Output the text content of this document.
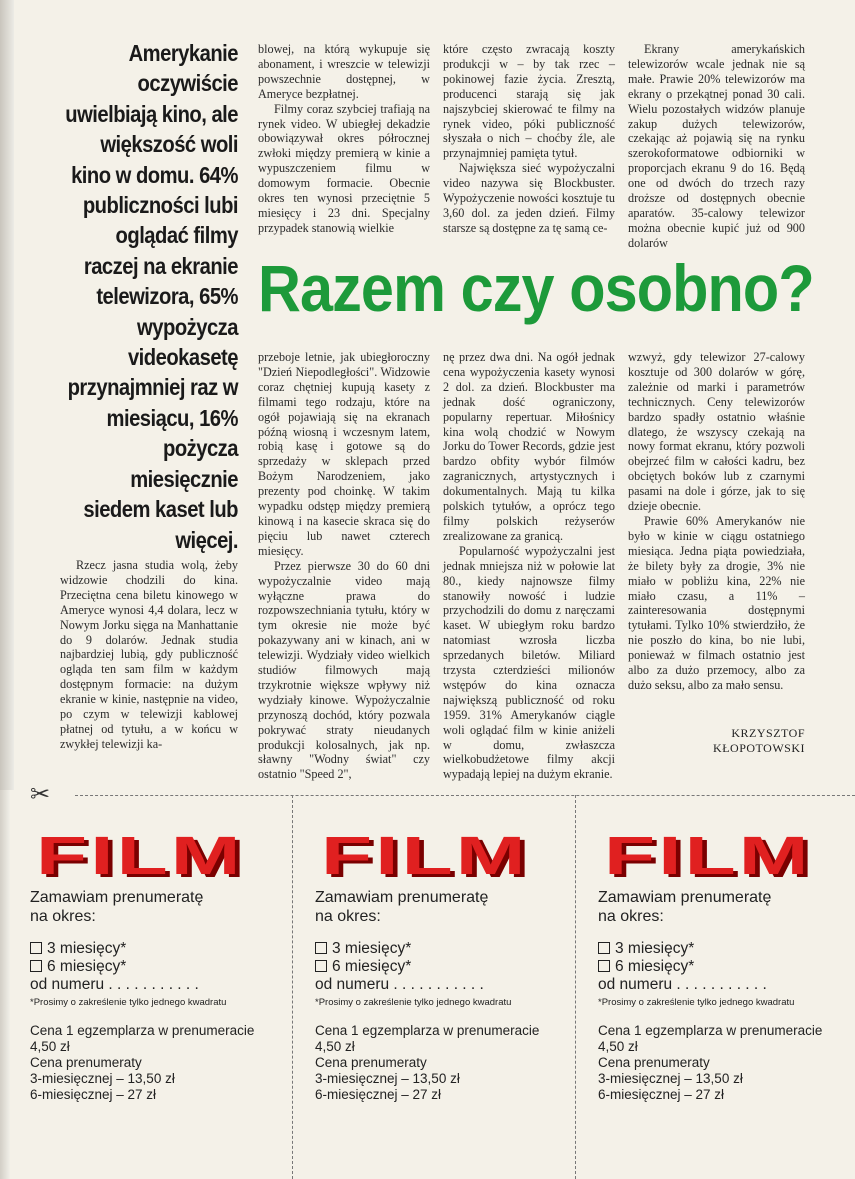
Amerykanie oczywiście uwielbiają kino, ale większość woli kino w domu. 64% publiczności lubi oglądać filmy raczej na ekranie telewizora, 65% wypożycza videokasetę przynajmniej raz w miesiącu, 16% pożycza miesięcznie siedem kaset lub więcej.

blowej, na którą wykupuje się abonament, i wreszcie w telewizji powszechnie dostępnej, w Ameryce bezpłatnej.

Filmy coraz szybciej trafiają na rynek video. W ubiegłej dekadzie obowiązywał okres półrocznej zwłoki między premierą w kinie a wypuszczeniem filmu w domowym formacie. Obecnie okres ten wynosi przeciętnie 5 miesięcy i 23 dni. Specjalny przypadek stanowią wielkie

które często zwracają koszty produkcji w – by tak rzec – pokinowej fazie życia. Zresztą, producenci starają się jak najszybciej skierować te filmy na rynek video, póki publiczność słyszała o nich – choćby źle, ale przynajmniej pamięta tytuł.

Największa sieć wypożyczalni video nazywa się Blockbuster. Wypożyczenie nowości kosztuje tu 3,60 dol. za jeden dzień. Filmy starsze są dostępne za tę samą ce-

Ekrany amerykańskich telewizorów wcale jednak nie są małe. Prawie 20% telewizorów ma ekrany o przekątnej ponad 30 cali. Wielu pozostałych widzów planuje zakup dużych telewizorów, czekając aż pojawią się na rynku szerokoformatowe odbiorniki w proporcjach ekranu 9 do 16. Będą one od dwóch do trzech razy droższe od dostępnych obecnie aparatów. 35-calowy telewizor można obecnie kupić już od 900 dolarów

Razem czy osobno?

Rzecz jasna studia wolą, żeby widzowie chodzili do kina. Przeciętna cena biletu kinowego w Ameryce wynosi 4,4 dolara, lecz w Nowym Jorku sięga na Manhattanie do 9 dolarów. Jednak studia najbardziej lubią, gdy publiczność ogląda ten sam film w każdym dostępnym formacie: na dużym ekranie w kinie, następnie na video, po czym w telewizji kablowej płatnej od tytułu, a w końcu w zwykłej telewizji ka-

przeboje letnie, jak ubiegłoroczny "Dzień Niepodległości". Widzowie coraz chętniej kupują kasety z filmami tego rodzaju, które na ogół pojawiają się na ekranach późną wiosną i wczesnym latem, robią kasę i gotowe są do sprzedaży w sklepach przed Bożym Narodzeniem, jako prezenty pod choinkę. W takim wypadku odstęp między premierą kinową i na kasecie skraca się do pięciu lub nawet czterech miesięcy.

Przez pierwsze 30 do 60 dni wypożyczalnie video mają wyłączne prawa do rozpowszechniania tytułu, który w tym okresie nie może być pokazywany ani w kinach, ani w telewizji. Wydziały video wielkich studiów filmowych mają trzykrotnie większe wpływy niż wydziały kinowe. Wypożyczalnie przynoszą dochód, który pozwala pokrywać straty nieudanych produkcji kolosalnych, jak np. sławny "Wodny świat" czy ostatnio "Speed 2",

nę przez dwa dni. Na ogół jednak cena wypożyczenia kasety wynosi 2 dol. za dzień. Blockbuster ma jednak dość ograniczony, popularny repertuar. Miłośnicy kina wolą chodzić w Nowym Jorku do Tower Records, gdzie jest bardzo obfity wybór filmów zagranicznych, artystycznych i dokumentalnych. Mają tu kilka polskich tytułów, a oprócz tego filmy polskich reżyserów zrealizowane za granicą.

Popularność wypożyczalni jest jednak mniejsza niż w połowie lat 80., kiedy najnowsze filmy stanowiły nowość i ludzie przychodzili do domu z naręczami kaset. W ubiegłym roku bardzo natomiast wzrosła liczba sprzedanych biletów. Miliard trzysta czterdzieści milionów wstępów do kina oznacza największą publiczność od roku 1959. 31% Amerykanów ciągle woli oglądać film w kinie aniżeli w domu, zwłaszcza wielkobudżetowe filmy akcji wypadają lepiej na dużym ekranie.

wzwyż, gdy telewizor 27-calowy kosztuje od 300 dolarów w górę, zależnie od marki i parametrów technicznych. Ceny telewizorów bardzo spadły ostatnio właśnie dlatego, że wszyscy czekają na nowy format ekranu, który pozwoli obejrzeć film w całości kadru, bez obciętych boków lub z czarnymi pasami na dole i górze, jak to się dzieje obecnie.

Prawie 60% Amerykanów nie było w kinie w ciągu ostatniego miesiąca. Jedna piąta powiedziała, że bilety były za drogie, 3% nie miało w pobliżu kina, 22% nie miało czasu, a 11% – zainteresowania dostępnymi tytułami. Tylko 10% stwierdziło, że nie poszło do kina, bo nie lubi, ponieważ w filmach ostatnio jest albo za dużo przemocy, albo za dużo seksu, albo za mało sensu.

KRZYSZTOF
KŁOPOTOWSKI
✂
FILM
Zamawiam prenumeratę
na okres:
3 miesięcy*
6 miesięcy*
od numeru . . . . . . . . . . .
*Prosimy o zakreślenie tylko jednego kwadratu
Cena 1 egzemplarza w prenumeracie
4,50 zł
Cena prenumeraty
3-miesięcznej – 13,50 zł
6-miesięcznej – 27 zł
FILM
Zamawiam prenumeratę
na okres:
3 miesięcy*
6 miesięcy*
od numeru . . . . . . . . . . .
*Prosimy o zakreślenie tylko jednego kwadratu
Cena 1 egzemplarza w prenumeracie
4,50 zł
Cena prenumeraty
3-miesięcznej – 13,50 zł
6-miesięcznej – 27 zł
FILM
Zamawiam prenumeratę
na okres:
3 miesięcy*
6 miesięcy*
od numeru . . . . . . . . . . .
*Prosimy o zakreślenie tylko jednego kwadratu
Cena 1 egzemplarza w prenumeracie
4,50 zł
Cena prenumeraty
3-miesięcznej – 13,50 zł
6-miesięcznej – 27 zł
